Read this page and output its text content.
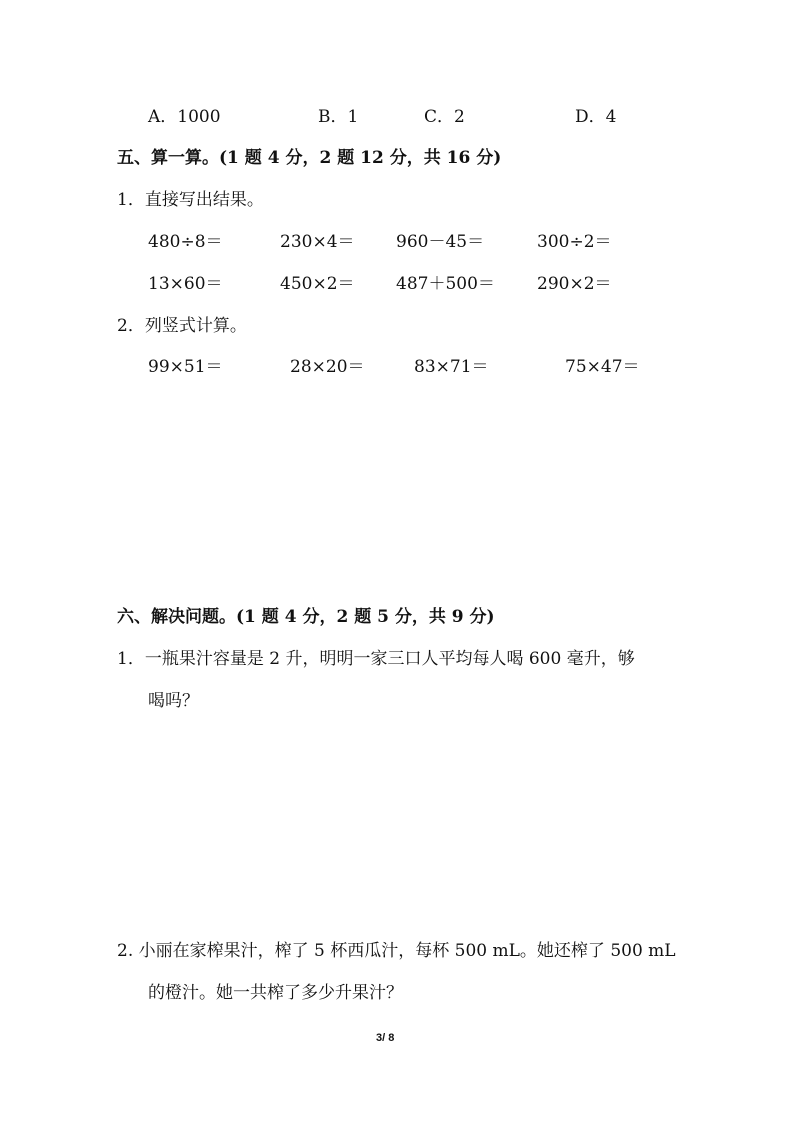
A．1000	B．1	C．2	D．4
五、算一算。(1 题 4 分，2 题 12 分，共 16 分)
1．直接写出结果。
480÷8＝	230×4＝ 960－45＝	300÷2＝
13×60＝	450×2＝ 487＋500＝ 290×2＝
2．列竖式计算。
99×51＝	28×20＝	83×71＝	75×47＝
六、解决问题。(1 题 4 分，2 题 5 分，共 9 分)
1．一瓶果汁容量是 2 升，明明一家三口人平均每人喝 600 毫升，够
喝吗？
2. 小丽在家榨果汁，榨了 5 杯西瓜汁，每杯 500 mL。她还榨了 500 mL
的橙汁。她一共榨了多少升果汁？
3/ 8
